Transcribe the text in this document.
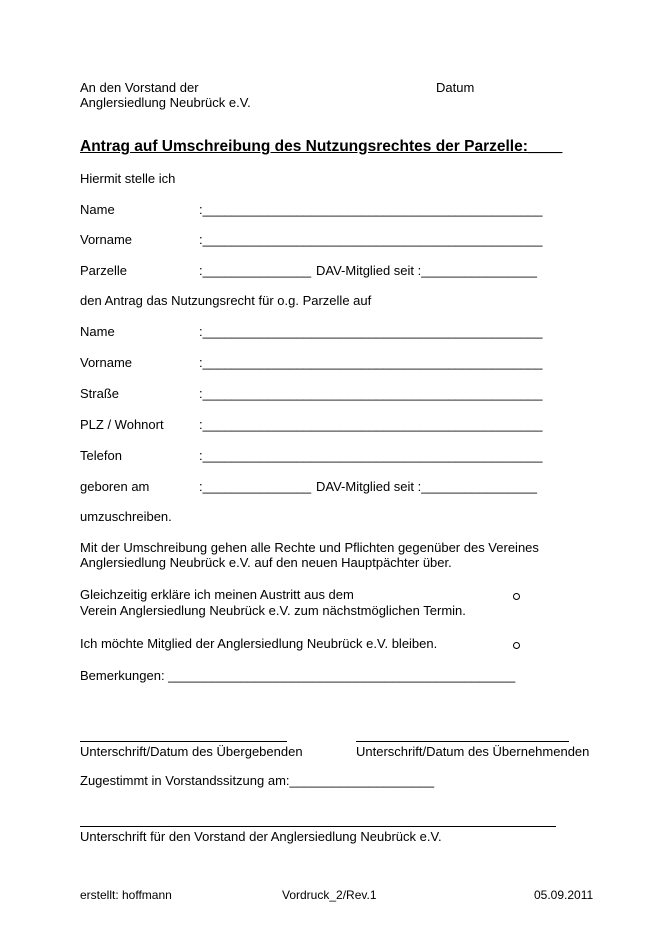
An den Vorstand der
Anglersiedlung Neubrück e.V.
Datum
Antrag auf Umschreibung des Nutzungsrechtes der Parzelle:____
Hiermit stelle ich
Name	:_______________________________________________
Vorname	:_______________________________________________
Parzelle	:_______________ DAV-Mitglied seit :________________
den Antrag das Nutzungsrecht für o.g. Parzelle auf
Name	:_______________________________________________
Vorname	:_______________________________________________
Straße	:_______________________________________________
PLZ / Wohnort	:_______________________________________________
Telefon	:_______________________________________________
geboren am	:_______________ DAV-Mitglied seit :________________
umzuschreiben.
Mit der Umschreibung gehen alle Rechte und Pflichten gegenüber des Vereines
Anglersiedlung Neubrück e.V. auf den neuen Hauptpächter über.
Gleichzeitig erkläre ich meinen Austritt aus dem
Verein Anglersiedlung Neubrück e.V. zum nächstmöglichen Termin.
Ich möchte Mitglied der Anglersiedlung Neubrück e.V. bleiben.
Bemerkungen: ________________________________________________
Unterschrift/Datum des Übergebenden	Unterschrift/Datum des Übernehmenden
Zugestimmt in Vorstandssitzung am:____________________
Unterschrift für den Vorstand der Anglersiedlung Neubrück e.V.
erstellt: hoffmann	Vordruck_2/Rev.1	05.09.2011
